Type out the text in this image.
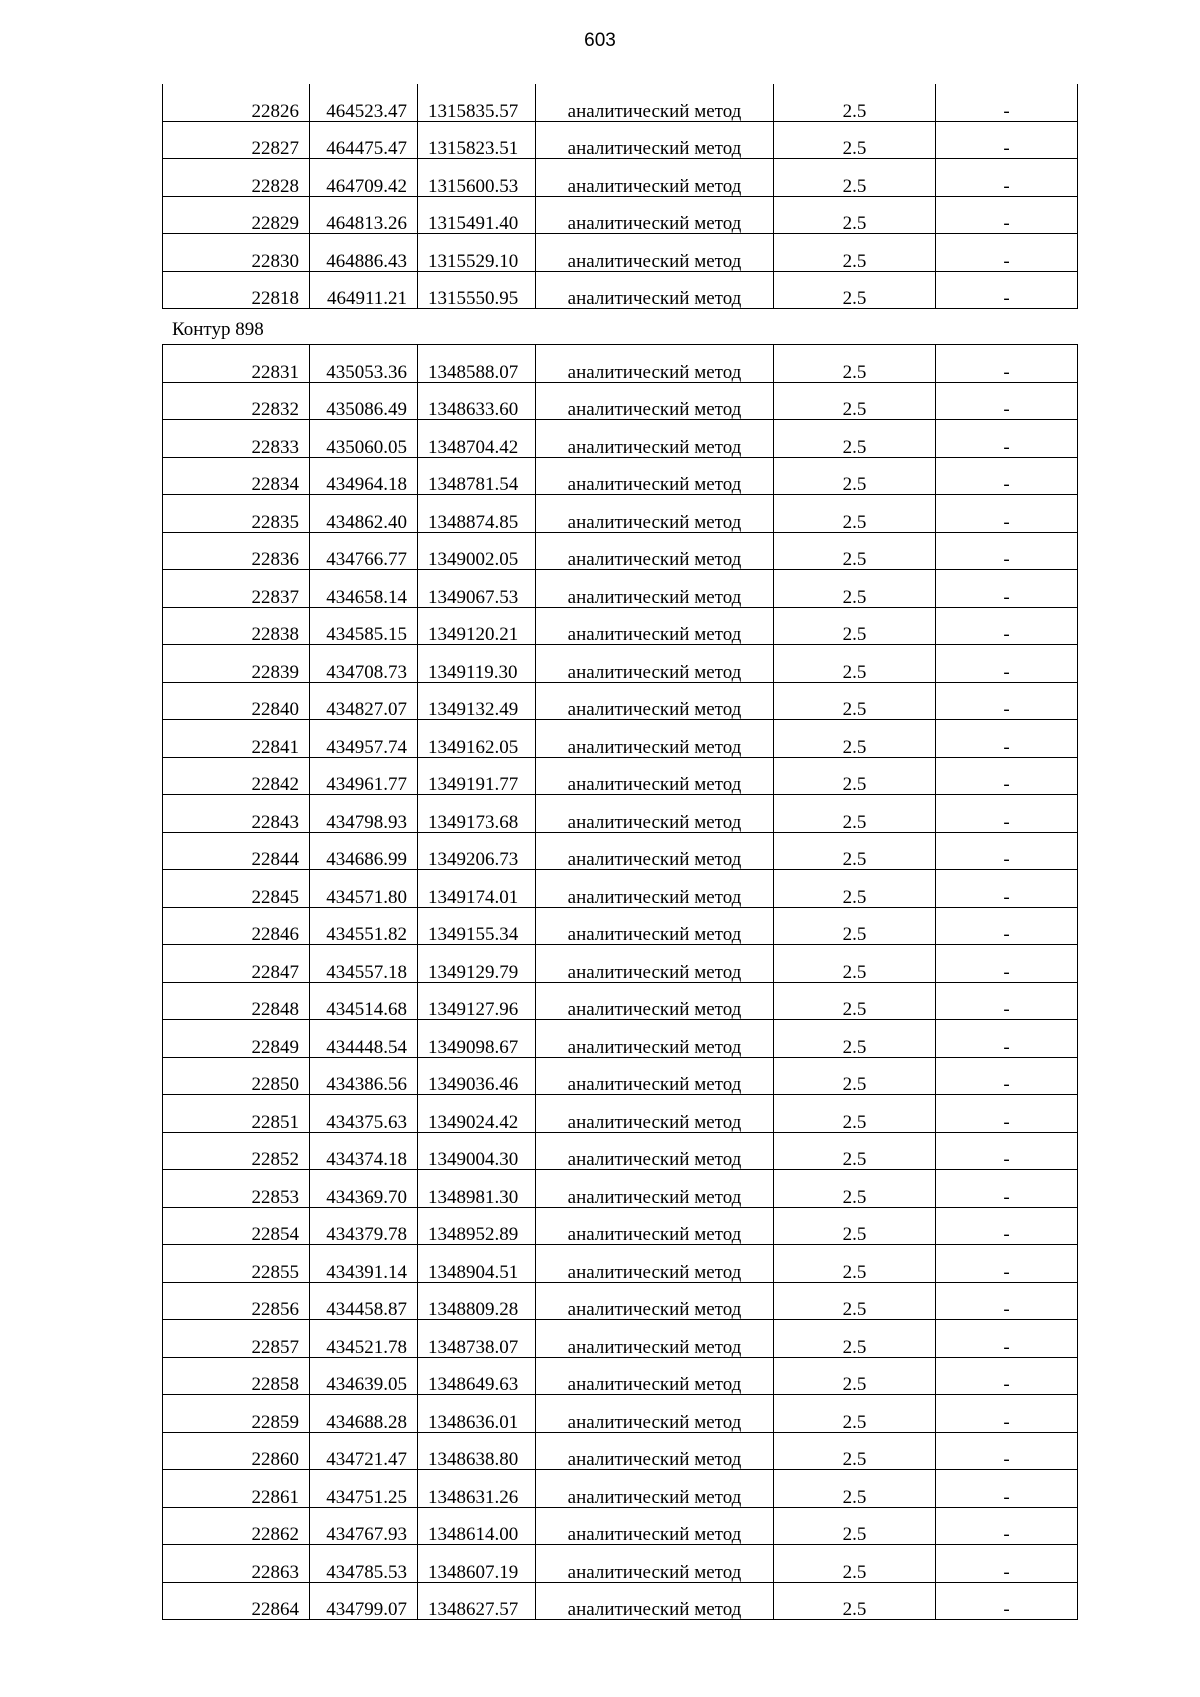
603
22826	464523.47	1315835.57	аналитический метод	2.5	-
22827	464475.47	1315823.51	аналитический метод	2.5	-
22828	464709.42	1315600.53	аналитический метод	2.5	-
22829	464813.26	1315491.40	аналитический метод	2.5	-
22830	464886.43	1315529.10	аналитический метод	2.5	-
22818	464911.21	1315550.95	аналитический метод	2.5	-
Контур 898
22831	435053.36	1348588.07	аналитический метод	2.5	-
22832	435086.49	1348633.60	аналитический метод	2.5	-
22833	435060.05	1348704.42	аналитический метод	2.5	-
22834	434964.18	1348781.54	аналитический метод	2.5	-
22835	434862.40	1348874.85	аналитический метод	2.5	-
22836	434766.77	1349002.05	аналитический метод	2.5	-
22837	434658.14	1349067.53	аналитический метод	2.5	-
22838	434585.15	1349120.21	аналитический метод	2.5	-
22839	434708.73	1349119.30	аналитический метод	2.5	-
22840	434827.07	1349132.49	аналитический метод	2.5	-
22841	434957.74	1349162.05	аналитический метод	2.5	-
22842	434961.77	1349191.77	аналитический метод	2.5	-
22843	434798.93	1349173.68	аналитический метод	2.5	-
22844	434686.99	1349206.73	аналитический метод	2.5	-
22845	434571.80	1349174.01	аналитический метод	2.5	-
22846	434551.82	1349155.34	аналитический метод	2.5	-
22847	434557.18	1349129.79	аналитический метод	2.5	-
22848	434514.68	1349127.96	аналитический метод	2.5	-
22849	434448.54	1349098.67	аналитический метод	2.5	-
22850	434386.56	1349036.46	аналитический метод	2.5	-
22851	434375.63	1349024.42	аналитический метод	2.5	-
22852	434374.18	1349004.30	аналитический метод	2.5	-
22853	434369.70	1348981.30	аналитический метод	2.5	-
22854	434379.78	1348952.89	аналитический метод	2.5	-
22855	434391.14	1348904.51	аналитический метод	2.5	-
22856	434458.87	1348809.28	аналитический метод	2.5	-
22857	434521.78	1348738.07	аналитический метод	2.5	-
22858	434639.05	1348649.63	аналитический метод	2.5	-
22859	434688.28	1348636.01	аналитический метод	2.5	-
22860	434721.47	1348638.80	аналитический метод	2.5	-
22861	434751.25	1348631.26	аналитический метод	2.5	-
22862	434767.93	1348614.00	аналитический метод	2.5	-
22863	434785.53	1348607.19	аналитический метод	2.5	-
22864	434799.07	1348627.57	аналитический метод	2.5	-
